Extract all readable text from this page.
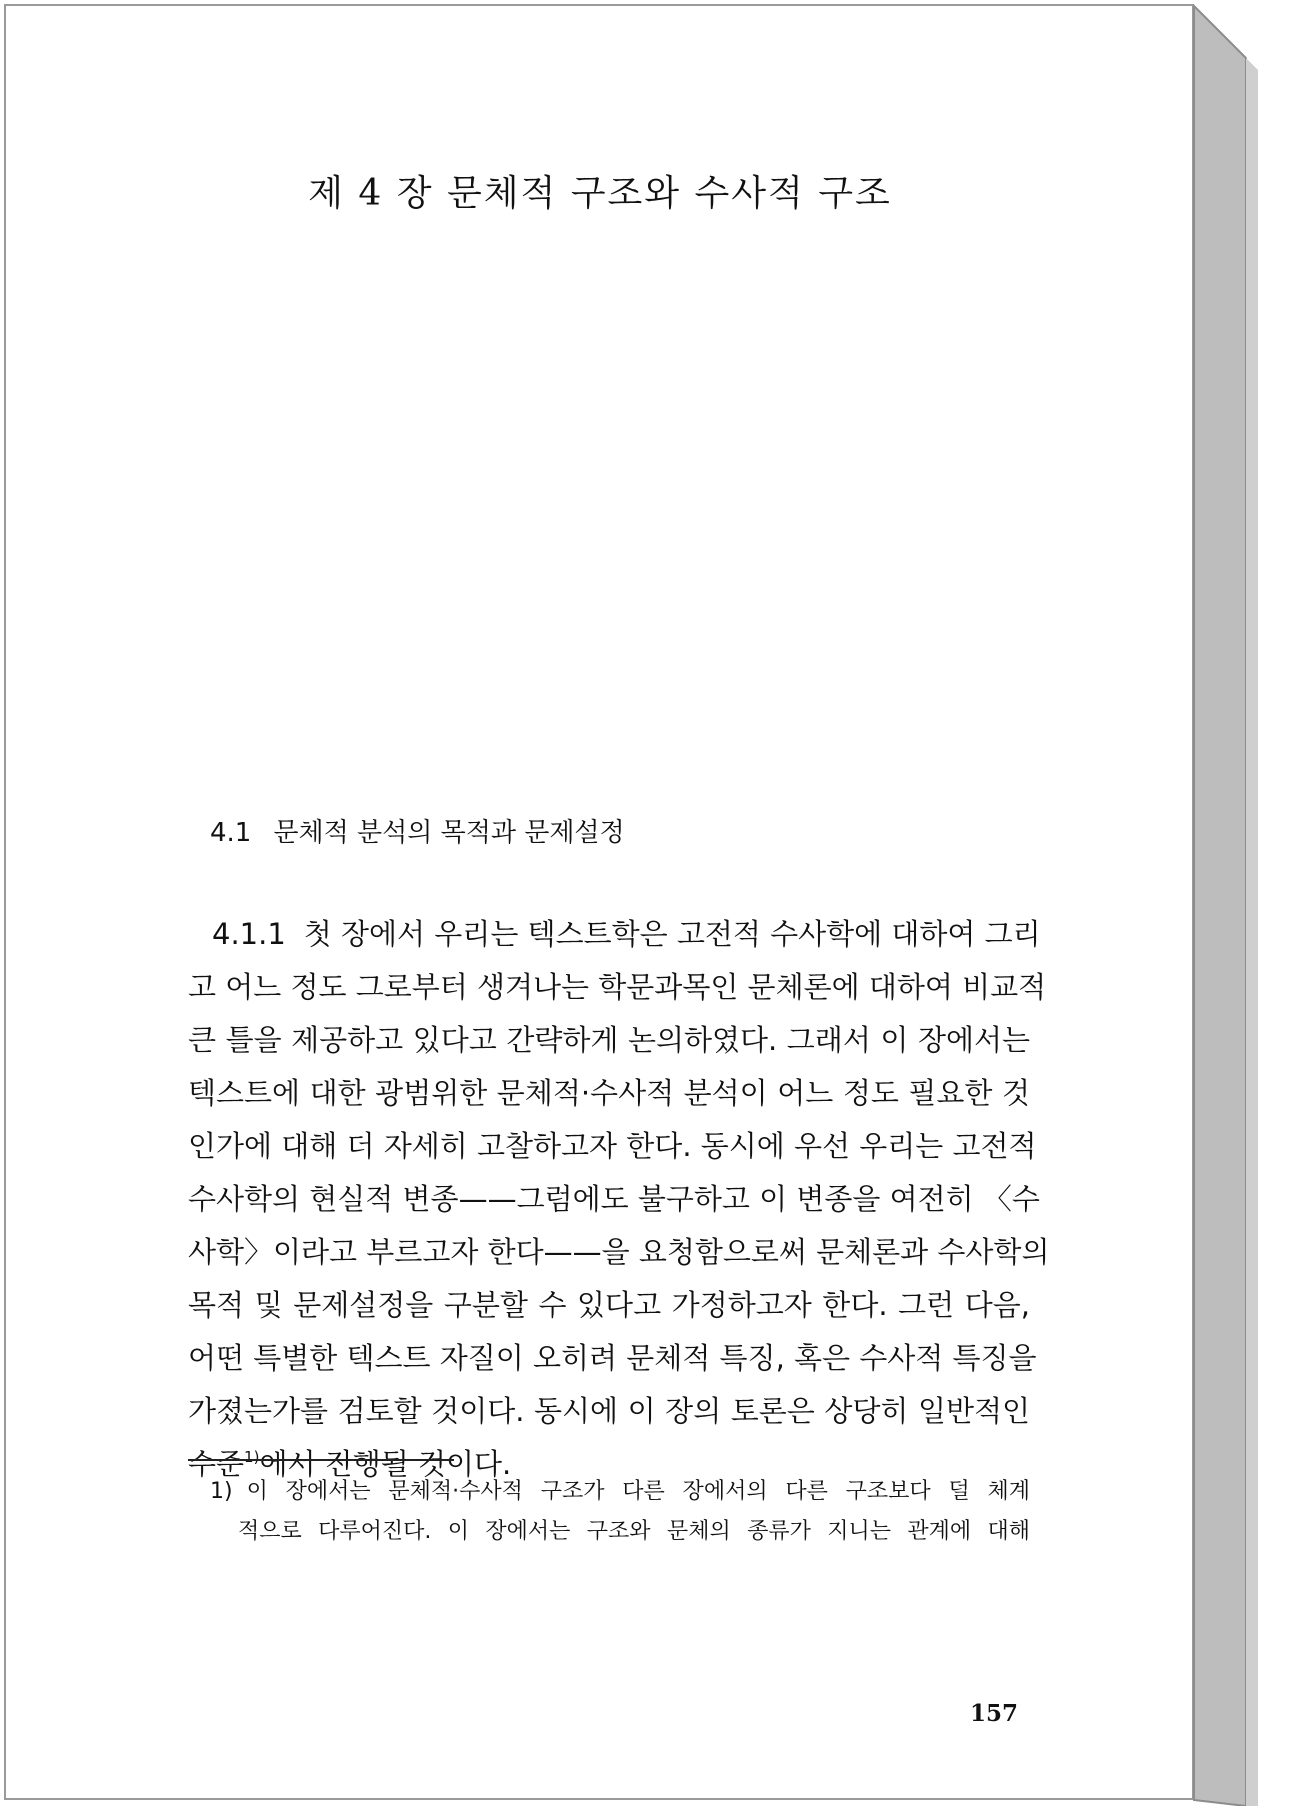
제 4 장 문체적 구조와 수사적 구조
4.1 문체적 분석의 목적과 문제설정
4.1.1 첫 장에서 우리는 텍스트학은 고전적 수사학에 대하여 그리
고 어느 정도 그로부터 생겨나는 학문과목인 문체론에 대하여 비교적
큰 틀을 제공하고 있다고 간략하게 논의하였다. 그래서 이 장에서는
텍스트에 대한 광범위한 문체적·수사적 분석이 어느 정도 필요한 것
인가에 대해 더 자세히 고찰하고자 한다. 동시에 우선 우리는 고전적
수사학의 현실적 변종——그럼에도 불구하고 이 변종을 여전히 〈수
사학〉이라고 부르고자 한다——을 요청함으로써 문체론과 수사학의
목적 및 문제설정을 구분할 수 있다고 가정하고자 한다. 그런 다음,
어떤 특별한 텍스트 자질이 오히려 문체적 특징, 혹은 수사적 특징을
가졌는가를 검토할 것이다. 동시에 이 장의 토론은 상당히 일반적인
수준$^{1)}$에서 진행될 것이다.
1) 이 장에서는 문체적·수사적 구조가 다른 장에서의 다른 구조보다 덜 체계
적으로 다루어진다. 이 장에서는 구조와 문체의 종류가 지니는 관계에 대해
157
